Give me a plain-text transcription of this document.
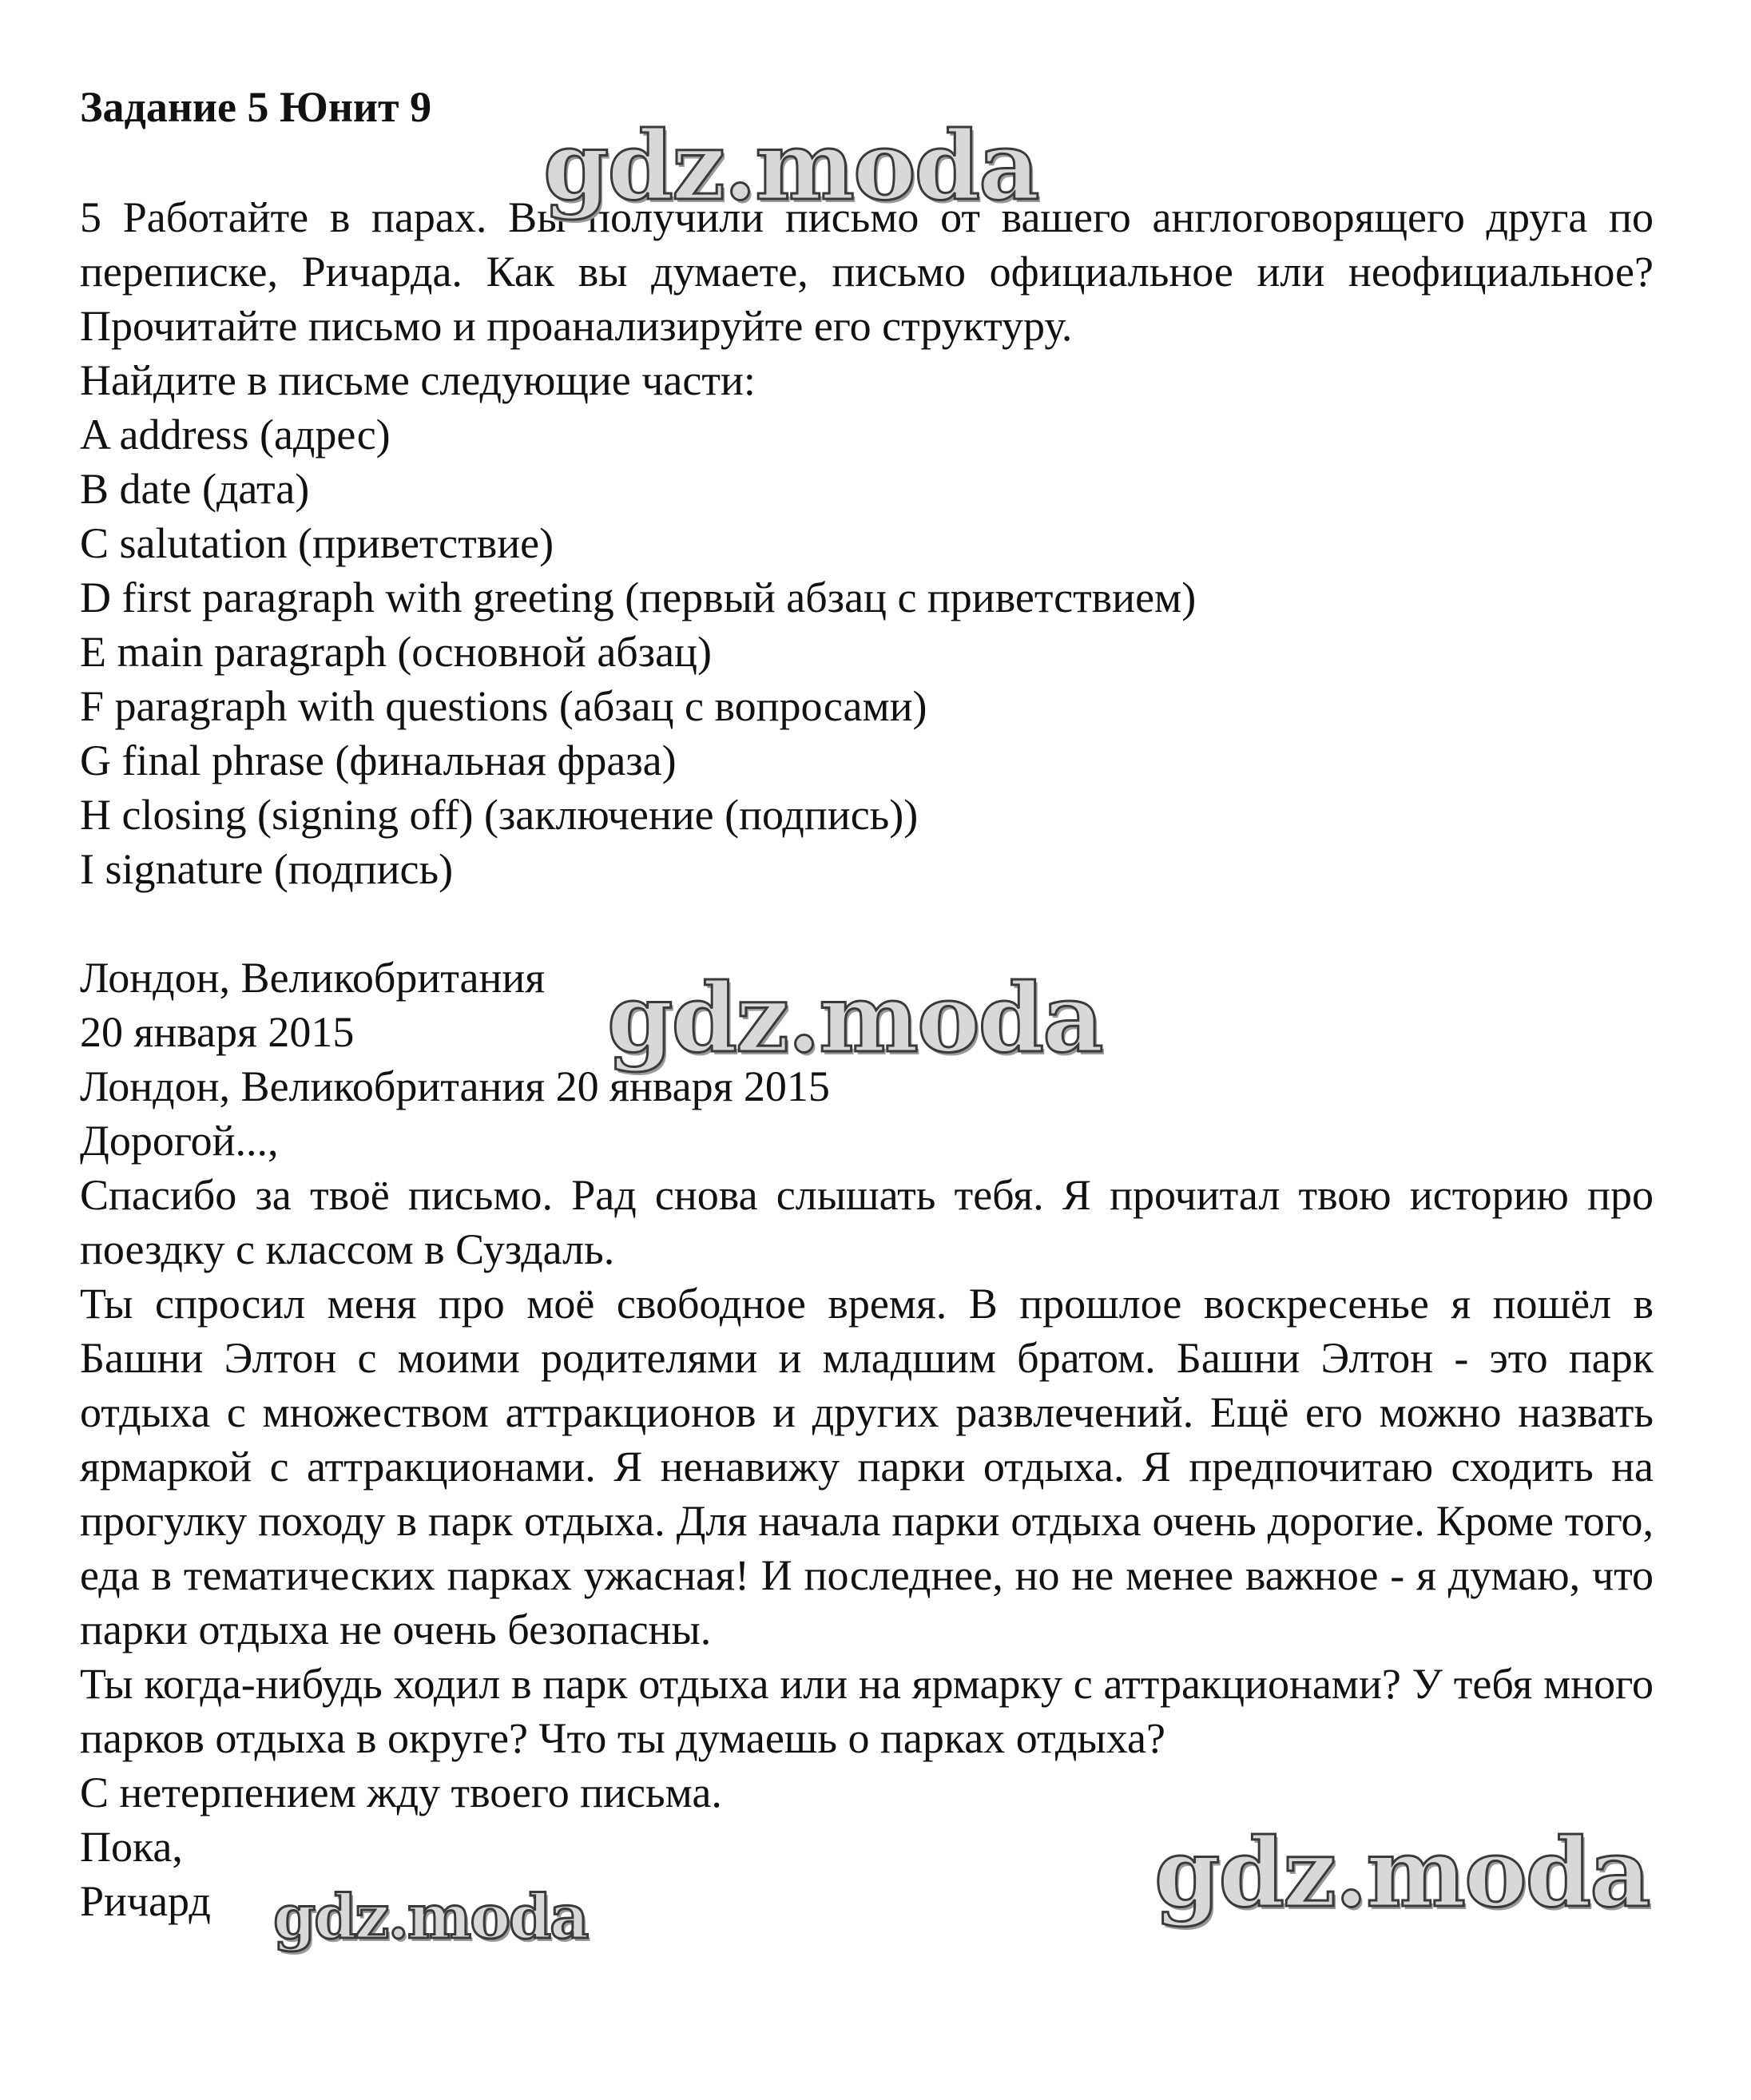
Задание 5 Юнит 9
5 Работайте в парах. Вы получили письмо от вашего англоговорящего друга по переписке, Ричарда. Как вы думаете, письмо официальное или неофициальное? Прочитайте письмо и проанализируйте его структуру.
Найдите в письме следующие части:
A address (адрес)
B date (дата)
C salutation (приветствие)
D first paragraph with greeting (первый абзац с приветствием)
E main paragraph (основной абзац)
F paragraph with questions (абзац с вопросами)
G final phrase (финальная фраза)
H closing (signing off) (заключение (подпись))
I signature (подпись)
Лондон, Великобритания
20 января 2015
Лондон, Великобритания 20 января 2015
Дорогой...,
Спасибо за твоё письмо. Рад снова слышать тебя. Я прочитал твою историю про поездку с классом в Суздаль.
Ты спросил меня про моё свободное время. В прошлое воскресенье я пошёл в Башни Элтон с моими родителями и младшим братом. Башни Элтон - это парк отдыха с множеством аттракционов и других развлечений. Ещё его можно назвать ярмаркой с аттракционами. Я ненавижу парки отдыха. Я предпочитаю сходить на прогулку походу в парк отдыха. Для начала парки отдыха очень дорогие. Кроме того, еда в тематических парках ужасная! И последнее, но не менее важное - я думаю, что парки отдыха не очень безопасны.
Ты когда-нибудь ходил в парк отдыха или на ярмарку с аттракционами? У тебя много парков отдыха в округе? Что ты думаешь о парках отдыха?
С нетерпением жду твоего письма.
Пока,
Ричард
gdz.moda
gdz.moda
gdz.moda
gdz.moda
